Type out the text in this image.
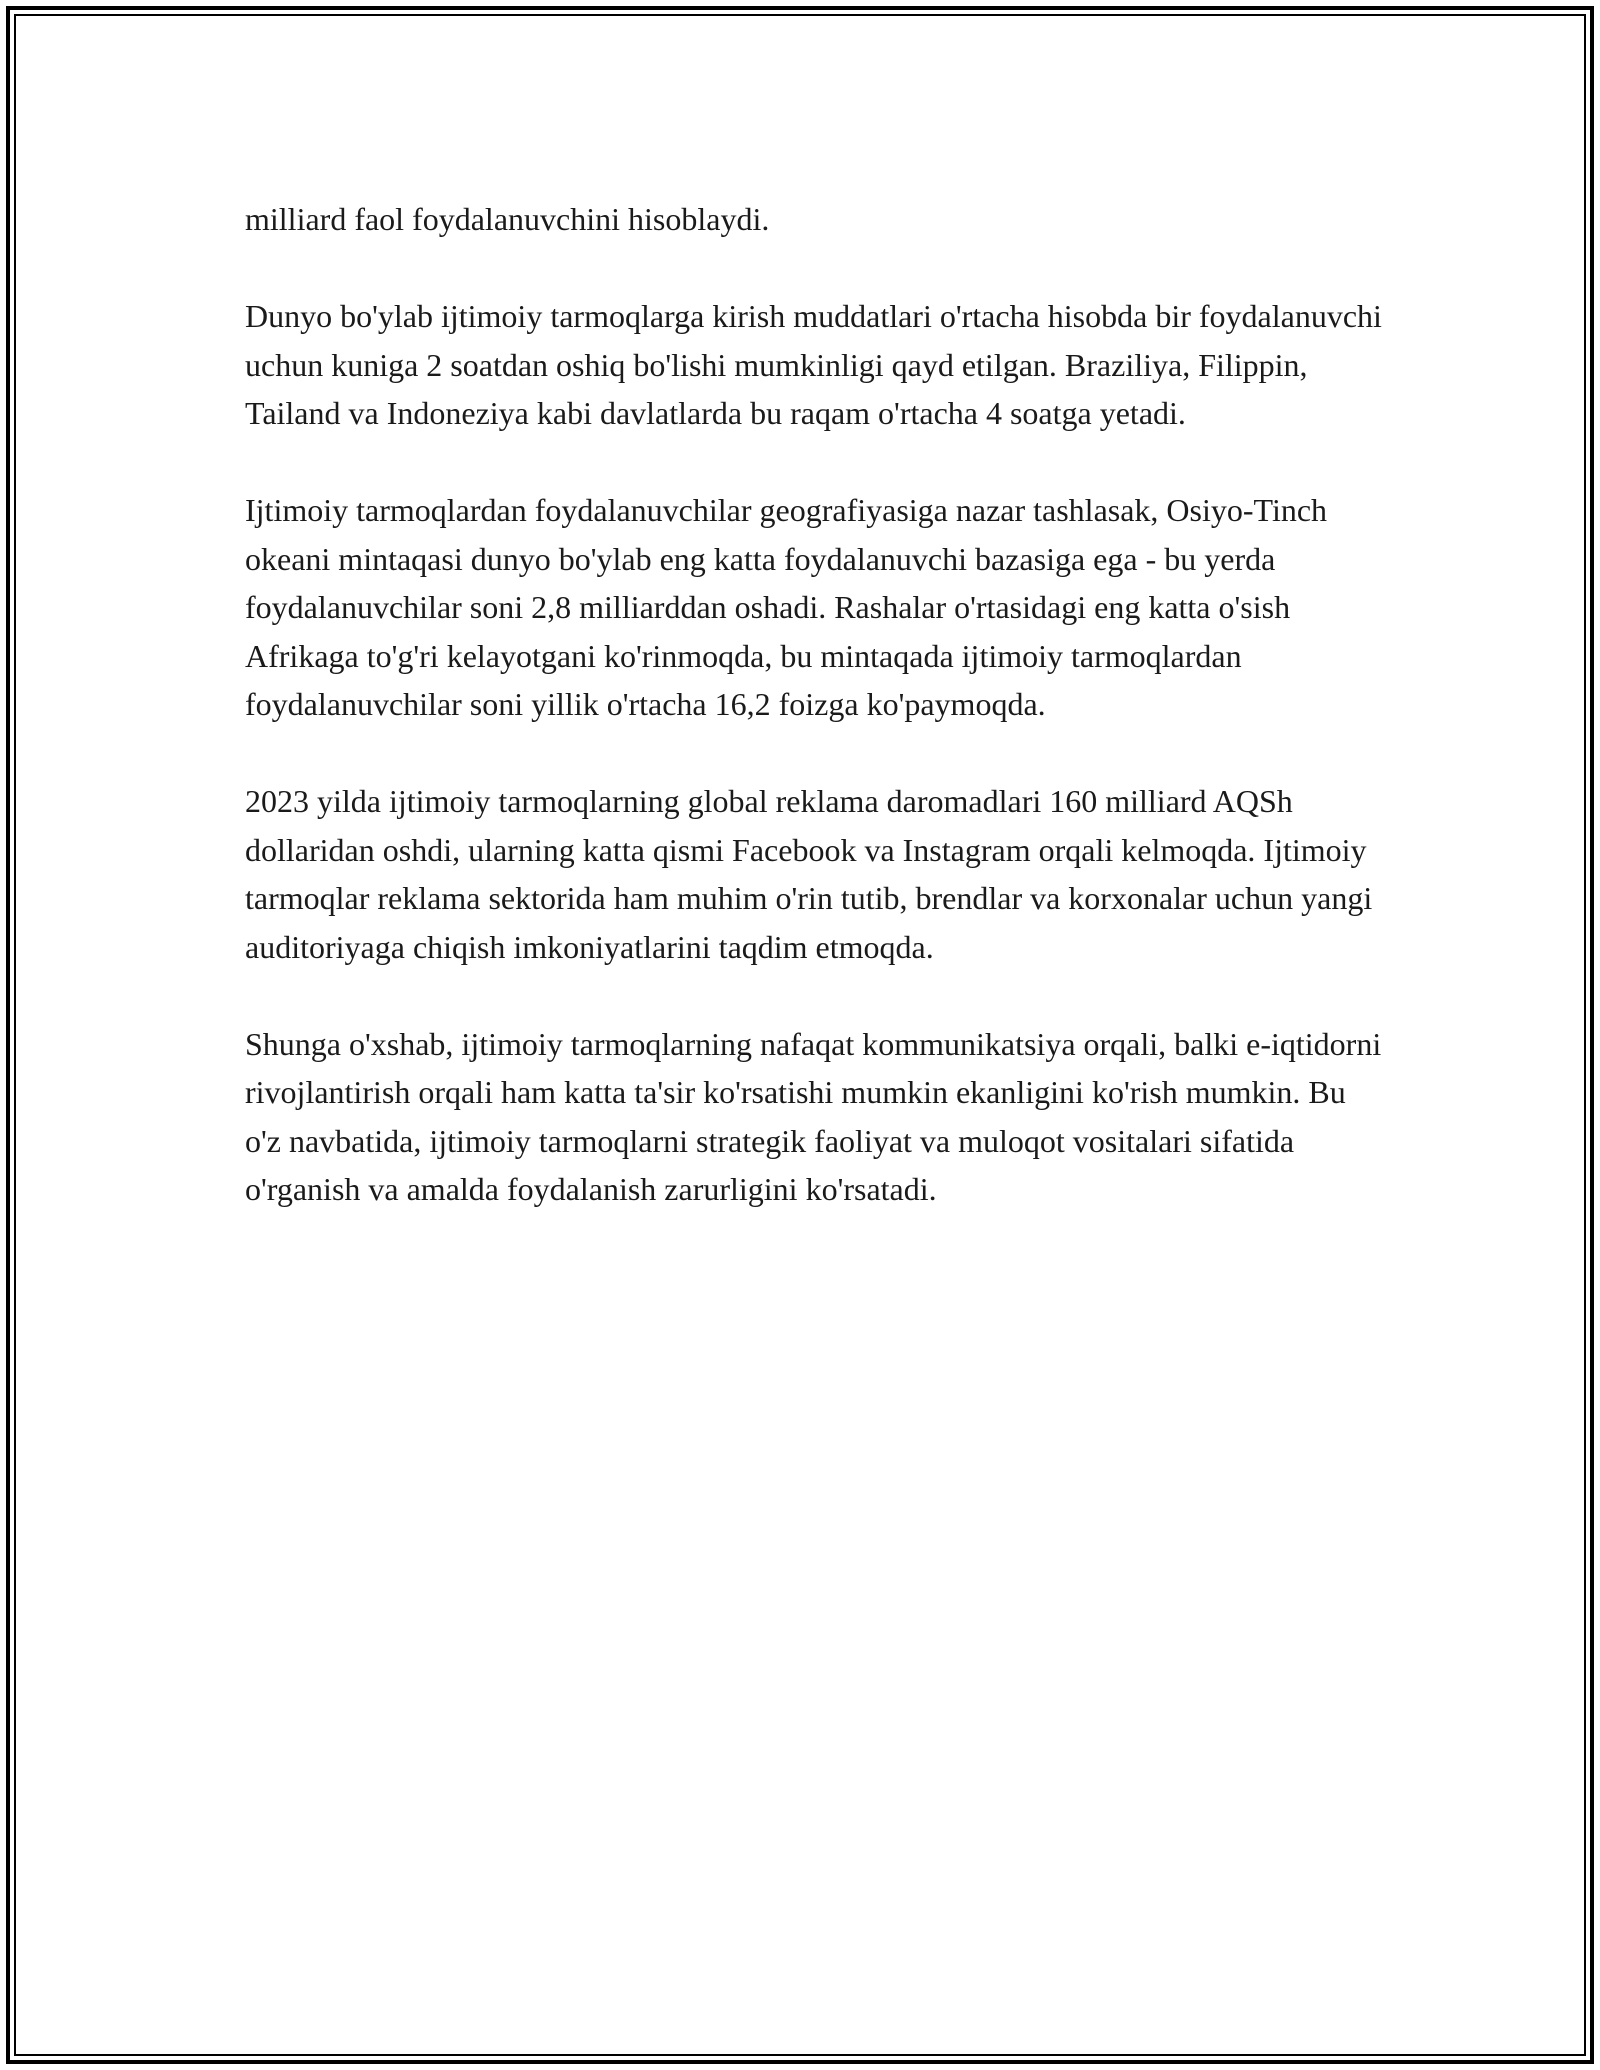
milliard faol foydalanuvchini hisoblaydi.

Dunyo bo'ylab ijtimoiy tarmoqlarga kirish muddatlari o'rtacha hisobda bir foydalanuvchi uchun kuniga 2 soatdan oshiq bo'lishi mumkinligi qayd etilgan. Braziliya, Filippin, Tailand va Indoneziya kabi davlatlarda bu raqam o'rtacha 4 soatga yetadi.

Ijtimoiy tarmoqlardan foydalanuvchilar geografiyasiga nazar tashlasak, Osiyo-Tinch okeani mintaqasi dunyo bo'ylab eng katta foydalanuvchi bazasiga ega - bu yerda foydalanuvchilar soni 2,8 milliarddan oshadi. Rashalar o'rtasidagi eng katta o'sish Afrikaga to'g'ri kelayotgani ko'rinmoqda, bu mintaqada ijtimoiy tarmoqlardan foydalanuvchilar soni yillik o'rtacha 16,2 foizga ko'paymoqda.

2023 yilda ijtimoiy tarmoqlarning global reklama daromadlari 160 milliard AQSh dollaridan oshdi, ularning katta qismi Facebook va Instagram orqali kelmoqda. Ijtimoiy tarmoqlar reklama sektorida ham muhim o'rin tutib, brendlar va korxonalar uchun yangi auditoriyaga chiqish imkoniyatlarini taqdim etmoqda.

Shunga o'xshab, ijtimoiy tarmoqlarning nafaqat kommunikatsiya orqali, balki e-iqtidorni rivojlantirish orqali ham katta ta'sir ko'rsatishi mumkin ekanligini ko'rish mumkin. Bu o'z navbatida, ijtimoiy tarmoqlarni strategik faoliyat va muloqot vositalari sifatida o'rganish va amalda foydalanish zarurligini ko'rsatadi.
